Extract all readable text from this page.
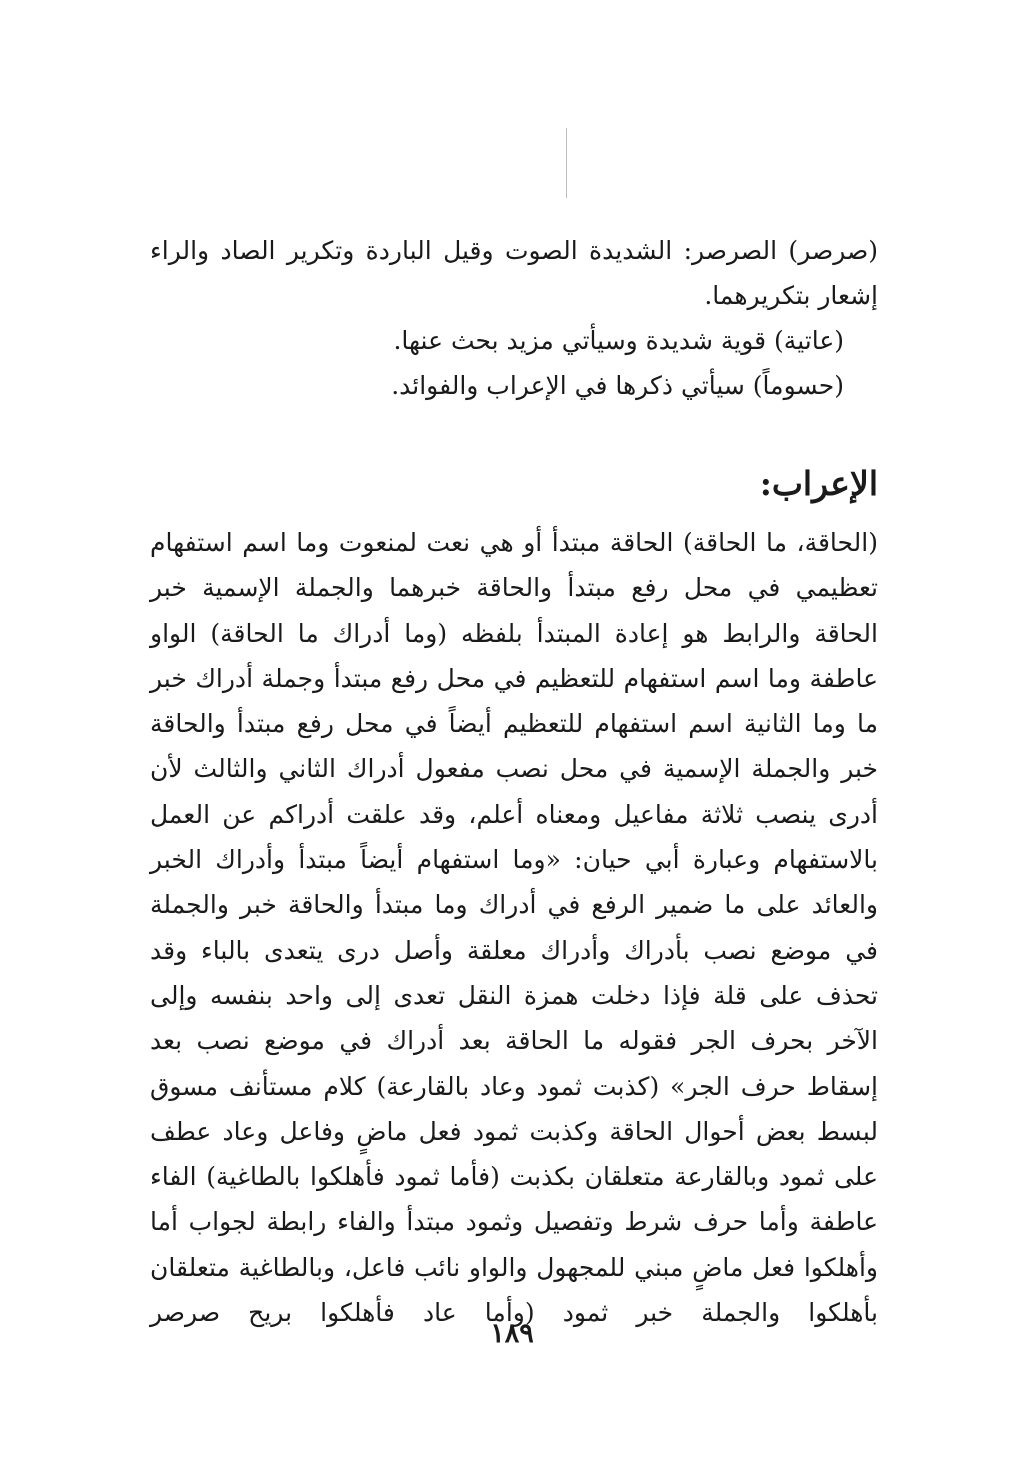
(صرصر) الصرصر: الشديدة الصوت وقيل الباردة وتكرير الصاد والراء إشعار بتكريرهما.

(عاتية) قوية شديدة وسيأتي مزيد بحث عنها.

(حسوماً) سيأتي ذكرها في الإعراب والفوائد.

الإعراب:

(الحاقة، ما الحاقة) الحاقة مبتدأ أو هي نعت لمنعوت وما اسم استفهام تعظيمي في محل رفع مبتدأ والحاقة خبرهما والجملة الإسمية خبر الحاقة والرابط هو إعادة المبتدأ بلفظه (وما أدراك ما الحاقة) الواو عاطفة وما اسم استفهام للتعظيم في محل رفع مبتدأ وجملة أدراك خبر ما وما الثانية اسم استفهام للتعظيم أيضاً في محل رفع مبتدأ والحاقة خبر والجملة الإسمية في محل نصب مفعول أدراك الثاني والثالث لأن أدرى ينصب ثلاثة مفاعيل ومعناه أعلم، وقد علقت أدراكم عن العمل بالاستفهام وعبارة أبي حيان: «وما استفهام أيضاً مبتدأ وأدراك الخبر والعائد على ما ضمير الرفع في أدراك وما مبتدأ والحاقة خبر والجملة في موضع نصب بأدراك وأدراك معلقة وأصل درى يتعدى بالباء وقد تحذف على قلة فإذا دخلت همزة النقل تعدى إلى واحد بنفسه وإلى الآخر بحرف الجر فقوله ما الحاقة بعد أدراك في موضع نصب بعد إسقاط حرف الجر» (كذبت ثمود وعاد بالقارعة) كلام مستأنف مسوق لبسط بعض أحوال الحاقة وكذبت ثمود فعل ماضٍ وفاعل وعاد عطف على ثمود وبالقارعة متعلقان بكذبت (فأما ثمود فأهلكوا بالطاغية) الفاء عاطفة وأما حرف شرط وتفصيل وثمود مبتدأ والفاء رابطة لجواب أما وأهلكوا فعل ماضٍ مبني للمجهول والواو نائب فاعل، وبالطاغية متعلقان بأهلكوا والجملة خبر ثمود (وأما عاد فأهلكوا بريح صرصر

١٨٩
